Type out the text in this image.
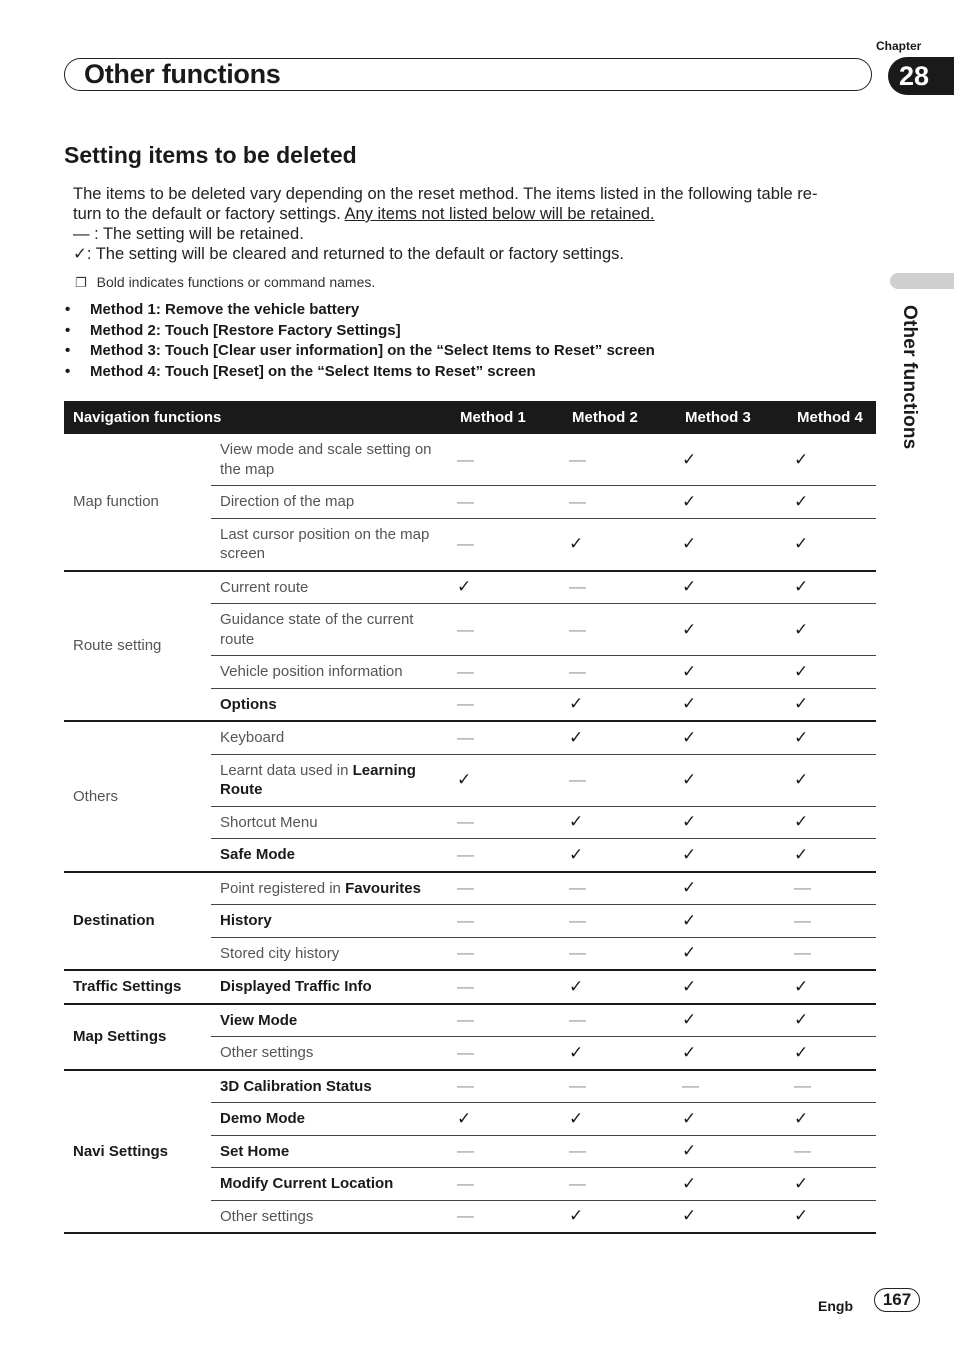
Chapter
Other functions	28
Other functions
Setting items to be deleted

The items to be deleted vary depending on the reset method. The items listed in the following table re-

turn to the default or factory settings. Any items not listed below will be retained.

— : The setting will be retained.

✓: The setting will be cleared and returned to the default or factory settings.

❐ Bold indicates functions or command names.
• Method 1: Remove the vehicle battery
• Method 2: Touch [Restore Factory Settings]
• Method 3: Touch [Clear user information] on the “Select Items to Reset” screen
• Method 4: Touch [Reset] on the “Select Items to Reset” screen
Navigation functions		Method 1	Method 2	Method 3	Method 4
Map function	View mode and scale setting on the map	—	—	✓	✓
	Direction of the map	—	—	✓	✓
	Last cursor position on the map screen	—	✓	✓	✓
Route setting	Current route	✓	—	✓	✓
	Guidance state of the current route	—	—	✓	✓
	Vehicle position information	—	—	✓	✓
	Options	—	✓	✓	✓
Others	Keyboard	—	✓	✓	✓
	Learnt data used in Learning Route	✓	—	✓	✓
	Shortcut Menu	—	✓	✓	✓
	Safe Mode	—	✓	✓	✓
Destination	Point registered in Favourites	—	—	✓	—
	History	—	—	✓	—
	Stored city history	—	—	✓	—
Traffic Settings	Displayed Traffic Info	—	✓	✓	✓
Map Settings	View Mode	—	—	✓	✓
	Other settings	—	✓	✓	✓
Navi Settings	3D Calibration Status	—	—	—	—
	Demo Mode	✓	✓	✓	✓
	Set Home	—	—	✓	—
	Modify Current Location	—	—	✓	✓
	Other settings	—	✓	✓	✓
Engb	167
